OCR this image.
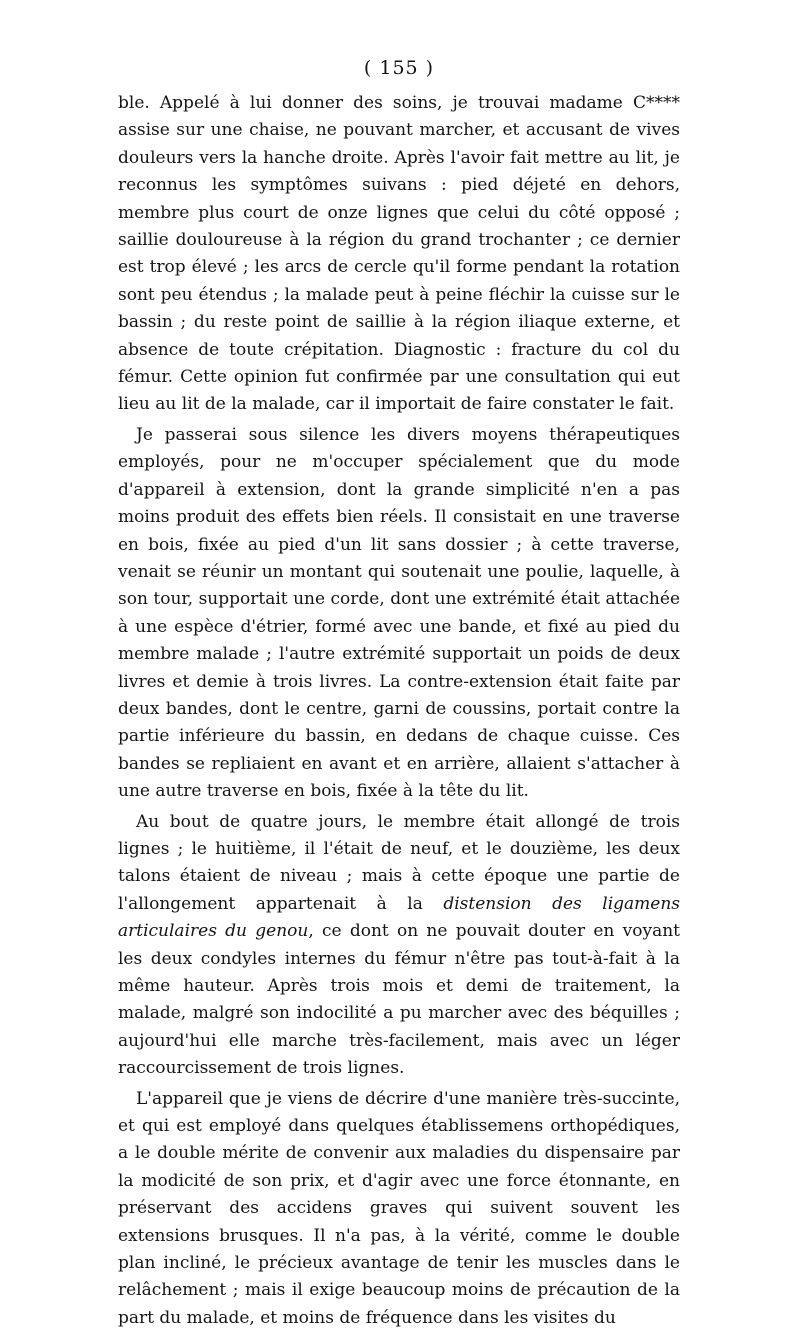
( 155 )

ble. Appelé à lui donner des soins, je trouvai madame C**** assise sur une chaise, ne pouvant marcher, et accusant de vives douleurs vers la hanche droite. Après l'avoir fait mettre au lit, je reconnus les symptômes suivans : pied déjeté en dehors, membre plus court de onze lignes que celui du côté opposé ; saillie douloureuse à la région du grand trochanter ; ce dernier est trop élevé ; les arcs de cercle qu'il forme pendant la rotation sont peu étendus ; la malade peut à peine fléchir la cuisse sur le bassin ; du reste point de saillie à la région iliaque externe, et absence de toute crépitation. Diagnostic : fracture du col du fémur. Cette opinion fut confirmée par une consultation qui eut lieu au lit de la malade, car il importait de faire constater le fait.

Je passerai sous silence les divers moyens thérapeutiques employés, pour ne m'occuper spécialement que du mode d'appareil à extension, dont la grande simplicité n'en a pas moins produit des effets bien réels. Il consistait en une traverse en bois, fixée au pied d'un lit sans dossier ; à cette traverse, venait se réunir un montant qui soutenait une poulie, laquelle, à son tour, supportait une corde, dont une extrémité était attachée à une espèce d'étrier, formé avec une bande, et fixé au pied du membre malade ; l'autre extrémité supportait un poids de deux livres et demie à trois livres. La contre-extension était faite par deux bandes, dont le centre, garni de coussins, portait contre la partie inférieure du bassin, en dedans de chaque cuisse. Ces bandes se repliaient en avant et en arrière, allaient s'attacher à une autre traverse en bois, fixée à la tête du lit.

Au bout de quatre jours, le membre était allongé de trois lignes ; le huitième, il l'était de neuf, et le douzième, les deux talons étaient de niveau ; mais à cette époque une partie de l'allongement appartenait à la distension des ligamens articulaires du genou, ce dont on ne pouvait douter en voyant les deux condyles internes du fémur n'être pas tout-à-fait à la même hauteur. Après trois mois et demi de traitement, la malade, malgré son indocilité a pu marcher avec des béquilles ; aujourd'hui elle marche très-facilement, mais avec un léger raccourcissement de trois lignes.

L'appareil que je viens de décrire d'une manière très-succinte, et qui est employé dans quelques établissemens orthopédiques, a le double mérite de convenir aux maladies du dispensaire par la modicité de son prix, et d'agir avec une force étonnante, en préservant des accidens graves qui suivent souvent les extensions brusques. Il n'a pas, à la vérité, comme le double plan incliné, le précieux avantage de tenir les muscles dans le relâchement ; mais il exige beaucoup moins de précaution de la part du malade, et moins de fréquence dans les visites du
